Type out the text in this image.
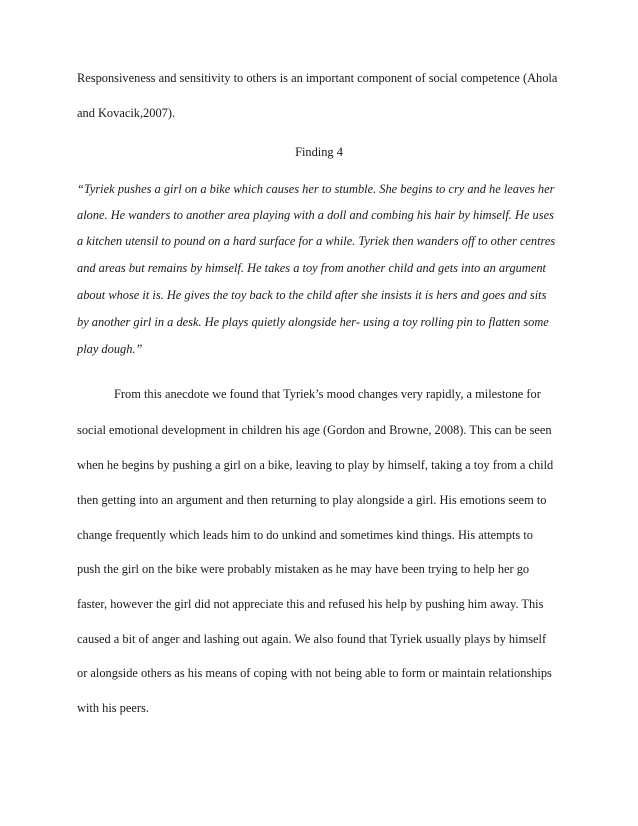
Responsiveness and sensitivity to others is an important component of social competence (Ahola
and Kovacik,2007).
Finding 4
“Tyriek pushes a girl on a bike which causes her to stumble. She begins to cry and he leaves her
alone. He wanders to another area playing with a doll and combing his hair by himself. He uses
a kitchen utensil to pound on a hard surface for a while. Tyriek then wanders off to other centres
and areas but remains by himself. He takes a toy from another child and gets into an argument
about whose it is. He gives the toy back to the child after she insists it is hers and goes and sits
by another girl in a desk. He plays quietly alongside her- using a toy rolling pin to flatten some
play dough.”
From this anecdote we found that Tyriek’s mood changes very rapidly, a milestone for
social emotional development in children his age (Gordon and Browne, 2008). This can be seen
when he begins by pushing a girl on a bike, leaving to play by himself, taking a toy from a child
then getting into an argument and then returning to play alongside a girl. His emotions seem to
change frequently which leads him to do unkind and sometimes kind things. His attempts to
push the girl on the bike were probably mistaken as he may have been trying to help her go
faster, however the girl did not appreciate this and refused his help by pushing him away. This
caused a bit of anger and lashing out again. We also found that Tyriek usually plays by himself
or alongside others as his means of coping with not being able to form or maintain relationships
with his peers.
